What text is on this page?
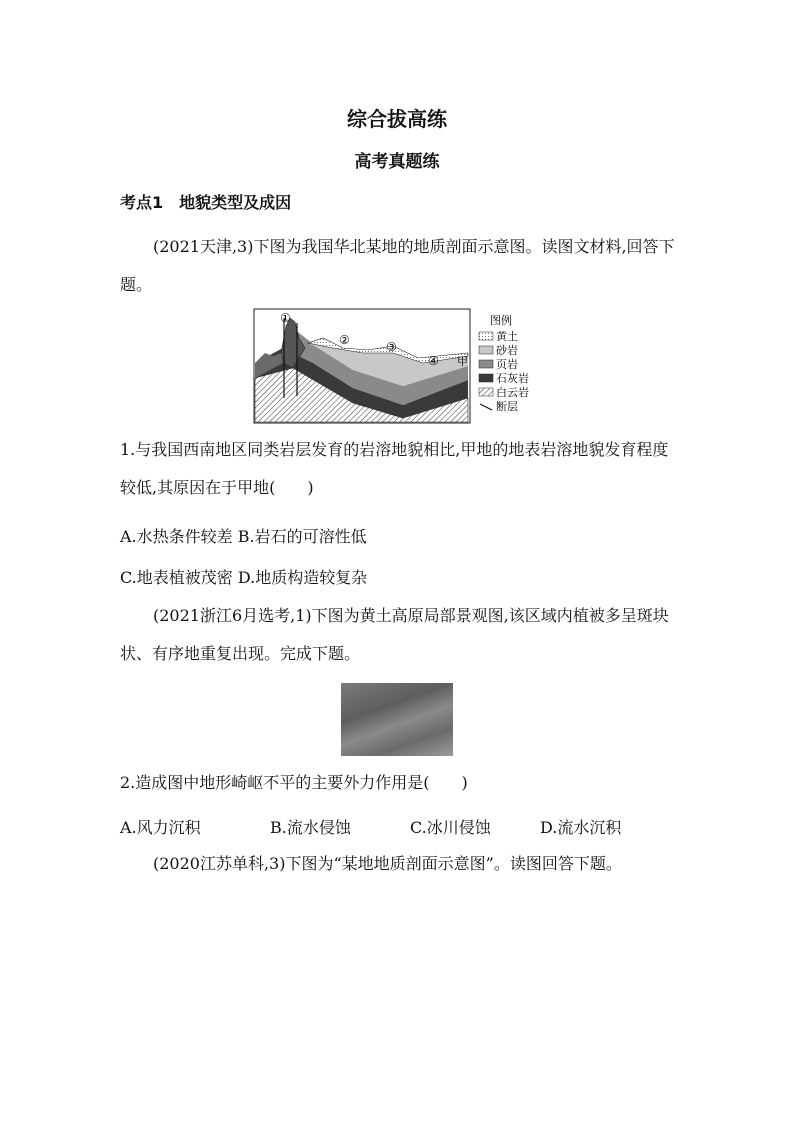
综合拔高练
高考真题练
考点1　地貌类型及成因
(2021天津,3)下图为我国华北某地的地质剖面示意图。读图文材料,回答下题。
①
②	③
④ 甲
图例
黄土
砂岩
页岩
石灰岩
白云岩
断层
1.与我国西南地区同类岩层发育的岩溶地貌相比,甲地的地表岩溶地貌发育程度较低,其原因在于甲地(　　)
A.水热条件较差 B.岩石的可溶性低
C.地表植被茂密 D.地质构造较复杂
(2021浙江6月选考,1)下图为黄土高原局部景观图,该区域内植被多呈斑块状、有序地重复出现。完成下题。
2.造成图中地形崎岖不平的主要外力作用是(　　)
A.风力沉积	B.流水侵蚀	C.冰川侵蚀	D.流水沉积
(2020江苏单科,3)下图为“某地地质剖面示意图”。读图回答下题。
